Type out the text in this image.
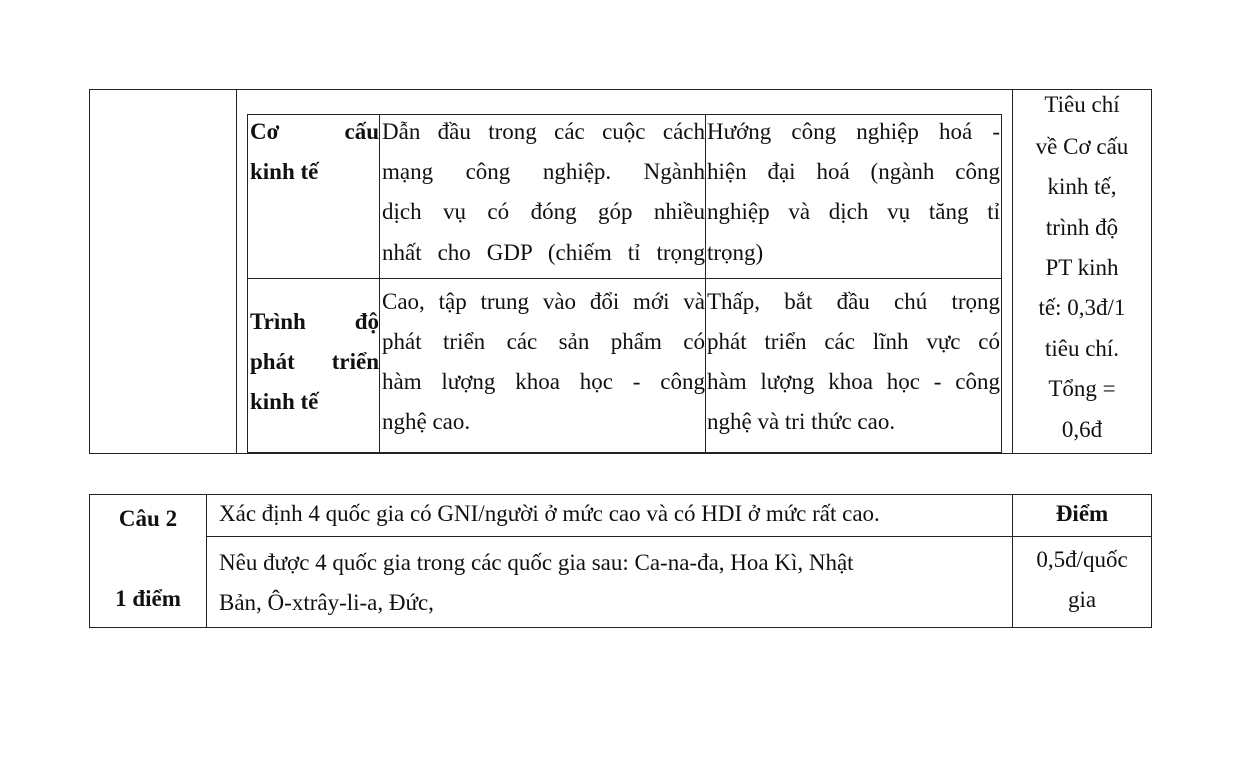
Cơ cấu
kinh tế
Dẫn đầu trong các cuộc cách
mạng công nghiệp. Ngành
dịch vụ có đóng góp nhiều
nhất cho GDP (chiếm tỉ trọng
Hướng công nghiệp hoá -
hiện đại hoá (ngành công
nghiệp và dịch vụ tăng tỉ
trọng)
Trình độ
phát triển
kinh tế
Cao, tập trung vào đổi mới và
phát triển các sản phẩm có
hàm lượng khoa học - công
nghệ cao.
Thấp, bắt đầu chú trọng
phát triển các lĩnh vực có
hàm lượng khoa học - công
nghệ và tri thức cao.
Tiêu chí
về Cơ cấu
kinh tế,
trình độ
PT kinh
tế: 0,3đ/1
tiêu chí.
Tổng =
0,6đ
Câu 2
1 điểm
Xác định 4 quốc gia có GNI/người ở mức cao và có HDI ở mức rất cao.	Điểm
Nêu được 4 quốc gia trong các quốc gia sau: Ca-na-đa, Hoa Kì, Nhật
Bản, Ô-xtrây-li-a, Đức,
0,5đ/quốc
gia
